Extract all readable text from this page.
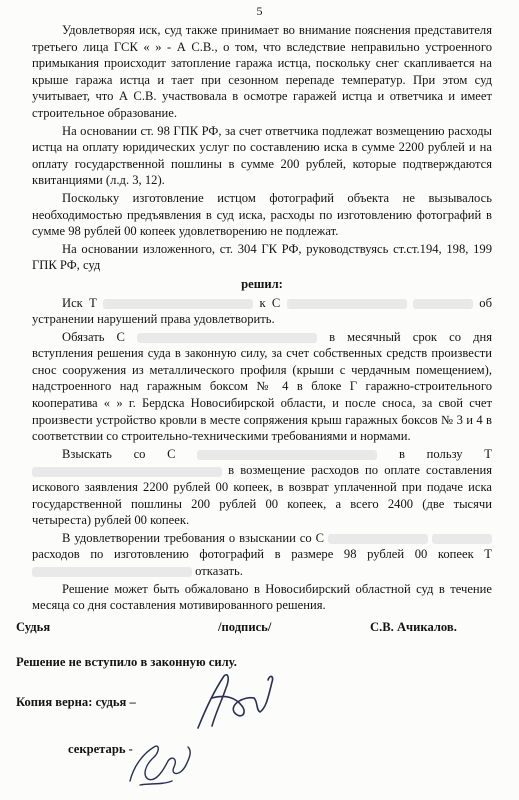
5

Удовлетворяя иск, суд также принимает во внимание пояснения представителя третьего лица ГСК « » - А С.В., о том, что вследствие неправильно устроенного примыкания происходит затопление гаража истца, поскольку снег скапливается на крыше гаража истца и тает при сезонном перепаде температур. При этом суд учитывает, что А С.В. участвовала в осмотре гаражей истца и ответчика и имеет строительное образование.

На основании ст. 98 ГПК РФ, за счет ответчика подлежат возмещению расходы истца на оплату юридических услуг по составлению иска в сумме 2200 рублей и на оплату государственной пошлины в сумме 200 рублей, которые подтверждаются квитанциями (л.д. 3, 12).

Поскольку изготовление истцом фотографий объекта не вызывалось необходимостью предъявления в суд иска, расходы по изготовлению фотографий в сумме 98 рублей 00 копеек удовлетворению не подлежат.

На основании изложенного, ст. 304 ГК РФ, руководствуясь ст.ст.194, 198, 199 ГПК РФ, суд

решил:

Иск Т	к С	об устранении нарушений права удовлетворить.

Обязать С	в месячный срок со дня вступления решения суда в законную силу, за счет собственных средств произвести снос сооружения из металлического профиля (крыши с чердачным помещением), надстроенного над гаражным боксом № 4 в блоке Г гаражно-строительного кооператива « » г. Бердска Новосибирской области, и после сноса, за свой счет произвести устройство кровли в месте сопряжения крыш гаражных боксов № 3 и 4 в соответствии со строительно-техническими требованиями и нормами.

Взыскать со С	в пользу Т  в возмещение расходов по оплате составления искового заявления 2200 рублей 00 копеек, в возврат уплаченной при подаче иска государственной пошлины 200 рублей 00 копеек, а всего 2400 (две тысячи четыреста) рублей 00 копеек.

В удовлетворении требования о взыскании со С   расходов по изготовлению фотографий в размере 98 рублей 00 копеек Т  отказать.

Решение может быть обжаловано в Новосибирский областной суд в течение месяца со дня составления мотивированного решения.

Судья	/подпись/	С.В. Ачикалов.
Решение не вступило в законную силу.
Копия верна: судья –
секретарь -
